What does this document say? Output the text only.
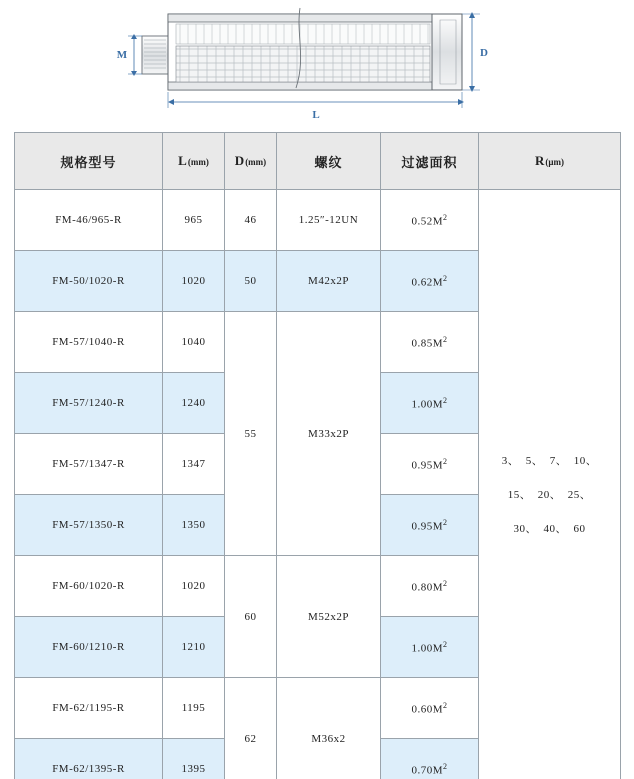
M	D
L
规格型号	L(mm)	D(mm)	螺纹	过滤面积	R(μm)
FM-46/965-R	965	46	1.25″-12UN	$0.52M^2$	3、  5、  7、  10、
15、  20、  25、
30、  40、  60

FM-50/1020-R	1020	50	M42x2P	$0.62M^2$
FM-57/1040-R	1040	55	M33x2P	$0.85M^2$
FM-57/1240-R	1240			$1.00M^2$
FM-57/1347-R	1347			$0.95M^2$
FM-57/1350-R	1350			$0.95M^2$
FM-60/1020-R	1020	60	M52x2P	$0.80M^2$
FM-60/1210-R	1210			$1.00M^2$
FM-62/1195-R	1195	62	M36x2	$0.60M^2$
FM-62/1395-R	1395			$0.70M^2$
